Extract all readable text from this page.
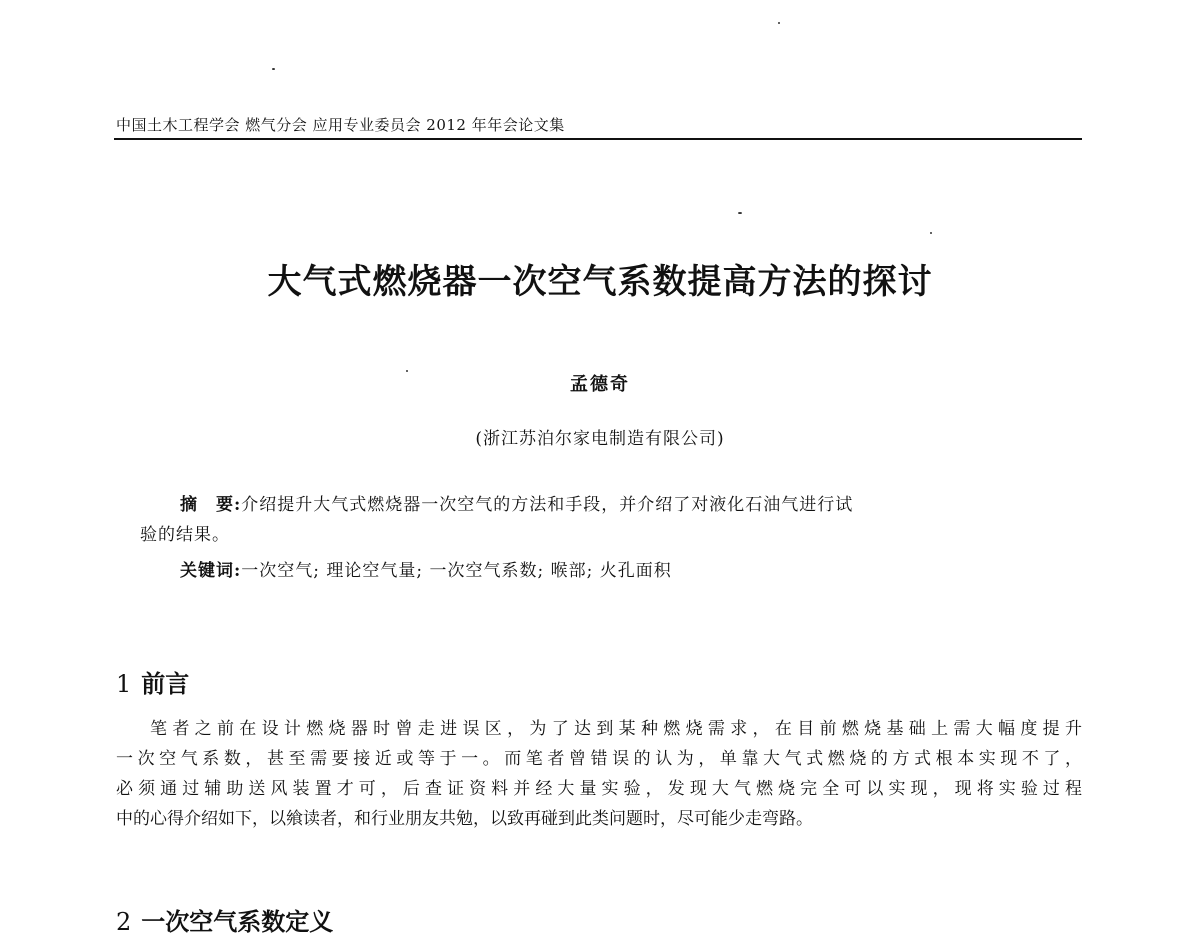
中国土木工程学会 燃气分会 应用专业委员会 2012 年年会论文集
大气式燃烧器一次空气系数提高方法的探讨
孟德奇
(浙江苏泊尔家电制造有限公司)
摘　要:介绍提升大气式燃烧器一次空气的方法和手段，并介绍了对液化石油气进行试
验的结果。
关键词:一次空气; 理论空气量; 一次空气系数; 喉部; 火孔面积
1 前言
笔者之前在设计燃烧器时曾走进误区，为了达到某种燃烧需求，在目前燃烧基础上需大幅度提升
一次空气系数，甚至需要接近或等于一。而笔者曾错误的认为，单靠大气式燃烧的方式根本实现不了，
必须通过辅助送风装置才可，后查证资料并经大量实验，发现大气燃烧完全可以实现，现将实验过程
中的心得介绍如下，以飨读者，和行业朋友共勉，以致再碰到此类问题时，尽可能少走弯路。
2 一次空气系数定义
